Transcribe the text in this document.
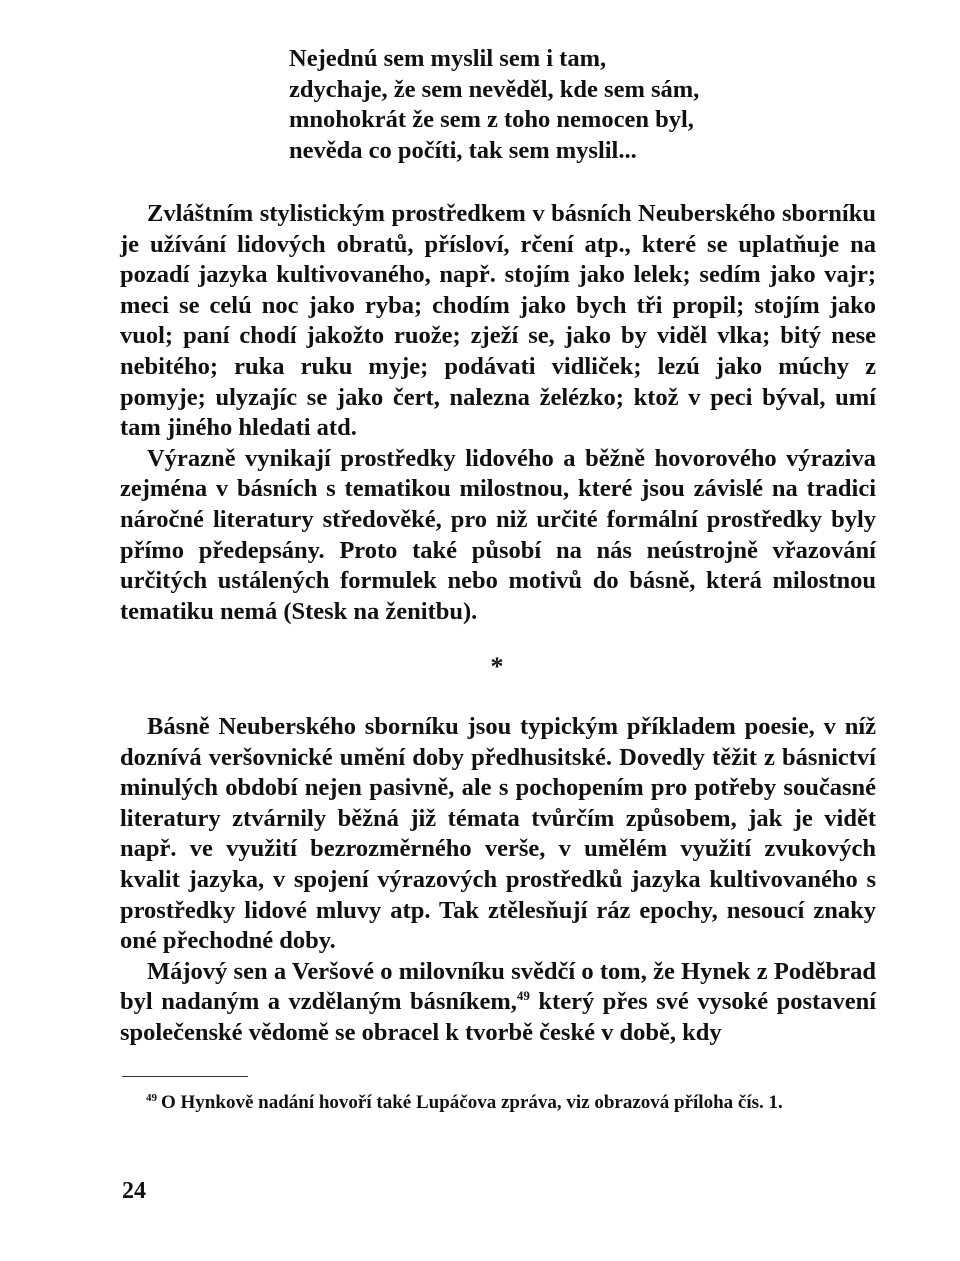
Nejednú sem myslil sem i tam,
zdychaje, že sem nevěděl, kde sem sám,
mnohokrát že sem z toho nemocen byl,
nevěda co počíti, tak sem myslil...

Zvláštním stylistickým prostředkem v básních Neuberského sborníku je užívání lidových obratů, přísloví, rčení atp., které se uplatňuje na pozadí jazyka kultivovaného, např. stojím jako lelek; sedím jako vajr; meci se celú noc jako ryba; chodím jako bych tři propil; stojím jako vuol; paní chodí jakožto ruože; zježí se, jako by viděl vlka; bitý nese nebitého; ruka ruku myje; podávati vidliček; lezú jako múchy z pomyje; ulyzajíc se jako čert, nalezna želézko; ktož v peci býval, umí tam jiného hledati atd.

Výrazně vynikají prostředky lidového a běžně hovorového výraziva zejména v básních s tematikou milostnou, které jsou závislé na tradici náročné literatury středověké, pro niž určité formální prostředky byly přímo předepsány. Proto také působí na nás neústrojně vřazování určitých ustálených formulek nebo motivů do básně, která milostnou tematiku nemá (Stesk na ženitbu).

*

Básně Neuberského sborníku jsou typickým příkladem poesie, v níž doznívá veršovnické umění doby předhusitské. Dovedly těžit z básnictví minulých období nejen pasivně, ale s pochopením pro potřeby současné literatury ztvárnily běžná již témata tvůrčím způsobem, jak je vidět např. ve využití bezrozměrného verše, v umělém využití zvukových kvalit jazyka, v spojení výrazových prostředků jazyka kultivovaného s prostředky lidové mluvy atp. Tak ztělesňují ráz epochy, nesoucí znaky oné přechodné doby.

Májový sen a Veršové o milovníku svědčí o tom, že Hynek z Poděbrad byl nadaným a vzdělaným básníkem,$^{49}$ který přes své vysoké postavení společenské vědomě se obracel k tvorbě české v době, kdy

$^{49}$ O Hynkově nadání hovoří také Lupáčova zpráva, viz obrazová příloha čís. 1.
24
